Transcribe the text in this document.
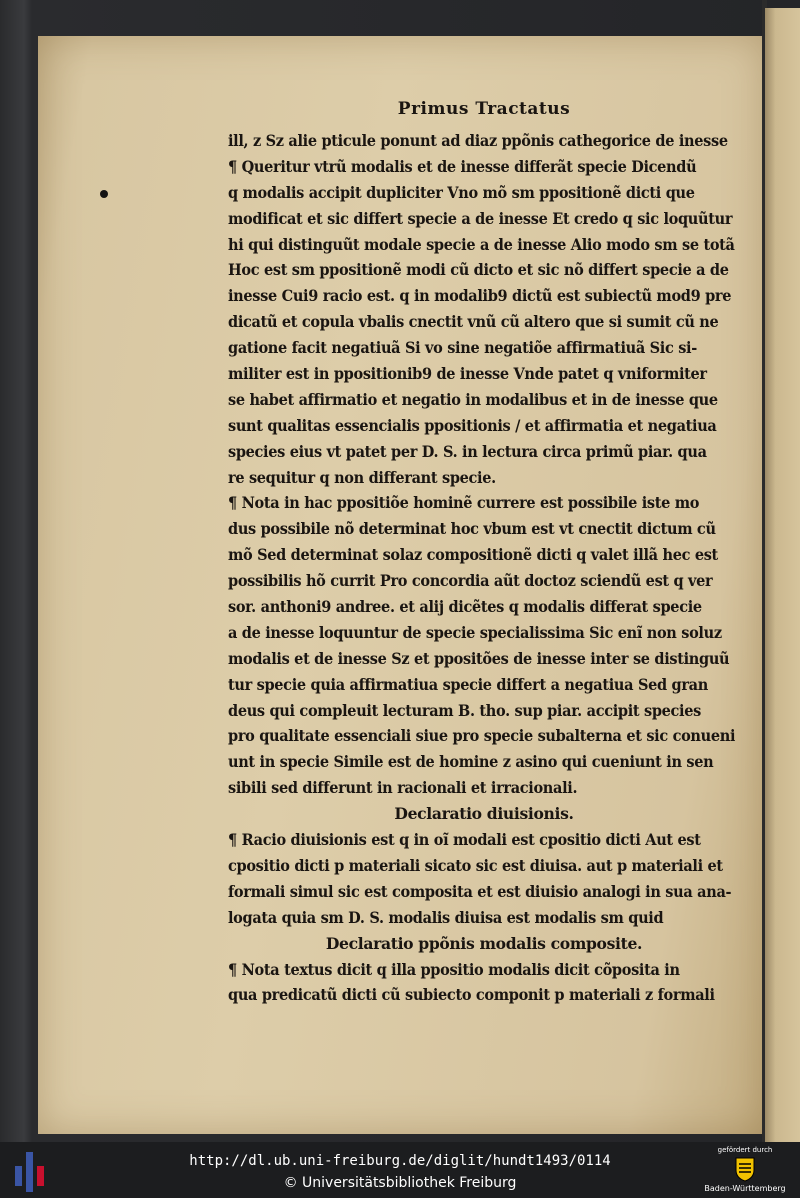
Primus Tractatus
ill, z Sz alie pticule ponunt ad diaz ppõnis cathegorice de inesse
¶ Queritur vtrũ modalis et de inesse differãt specie Dicendũ
q modalis accipit dupliciter Vno mõ sm ppositionẽ dicti que
modificat et sic differt specie a de inesse Et credo q sic loquũtur
hi qui distinguũt modale specie a de inesse Alio modo sm se totã
Hoc est sm ppositionẽ modi cũ dicto et sic nõ differt specie a de
inesse Cui9 racio est. q in modalib9 dictũ est subiectũ mod9 pre
dicatũ et copula vbalis cnectit vnũ cũ altero que si sumit cũ ne
gatione facit negatiuã Si vo sine negatiõe affirmatiuã Sic si-
militer est in ppositionib9 de inesse Vnde patet q vniformiter
se habet affirmatio et negatio in modalibus et in de inesse que
sunt qualitas essencialis ppositionis / et affirmatia et negatiua
species eius vt patet per D. S. in lectura circa primũ piar. qua
re sequitur q non differant specie.
¶ Nota in hac ppositiõe hominẽ currere est possibile iste mo
dus possibile nõ determinat hoc vbum est vt cnectit dictum cũ
mõ Sed determinat solaz compositionẽ dicti q valet illã hec est
possibilis hõ currit Pro concordia aũt doctoz sciendũ est q ver
sor. anthoni9 andree. et alij dicẽtes q modalis differat specie
a de inesse loquuntur de specie specialissima Sic enĩ non soluz
modalis et de inesse Sz et ppositões de inesse inter se distinguũ
tur specie quia affirmatiua specie differt a negatiua Sed gran
deus qui compleuit lecturam B. tho. sup piar. accipit species
pro qualitate essenciali siue pro specie subalterna et sic conueni
unt in specie Simile est de homine z asino qui cueniunt in sen
sibili sed differunt in racionali et irracionali.
Declaratio diuisionis.
¶ Racio diuisionis est q in oĩ modali est cpositio dicti Aut est
cpositio dicti p materiali sicato sic est diuisa. aut p materiali et
formali simul sic est composita et est diuisio analogi in sua ana-
logata quia sm D. S. modalis diuisa est modalis sm quid
Declaratio ppõnis modalis composite.
¶ Nota textus dicit q illa ppositio modalis dicit cõposita in
qua predicatũ dicti cũ subiecto componit p materiali z formali
http://dl.ub.uni-freiburg.de/diglit/hundt1493/0114
© Universitätsbibliothek Freiburg
gefördert durch
Baden-Württemberg
